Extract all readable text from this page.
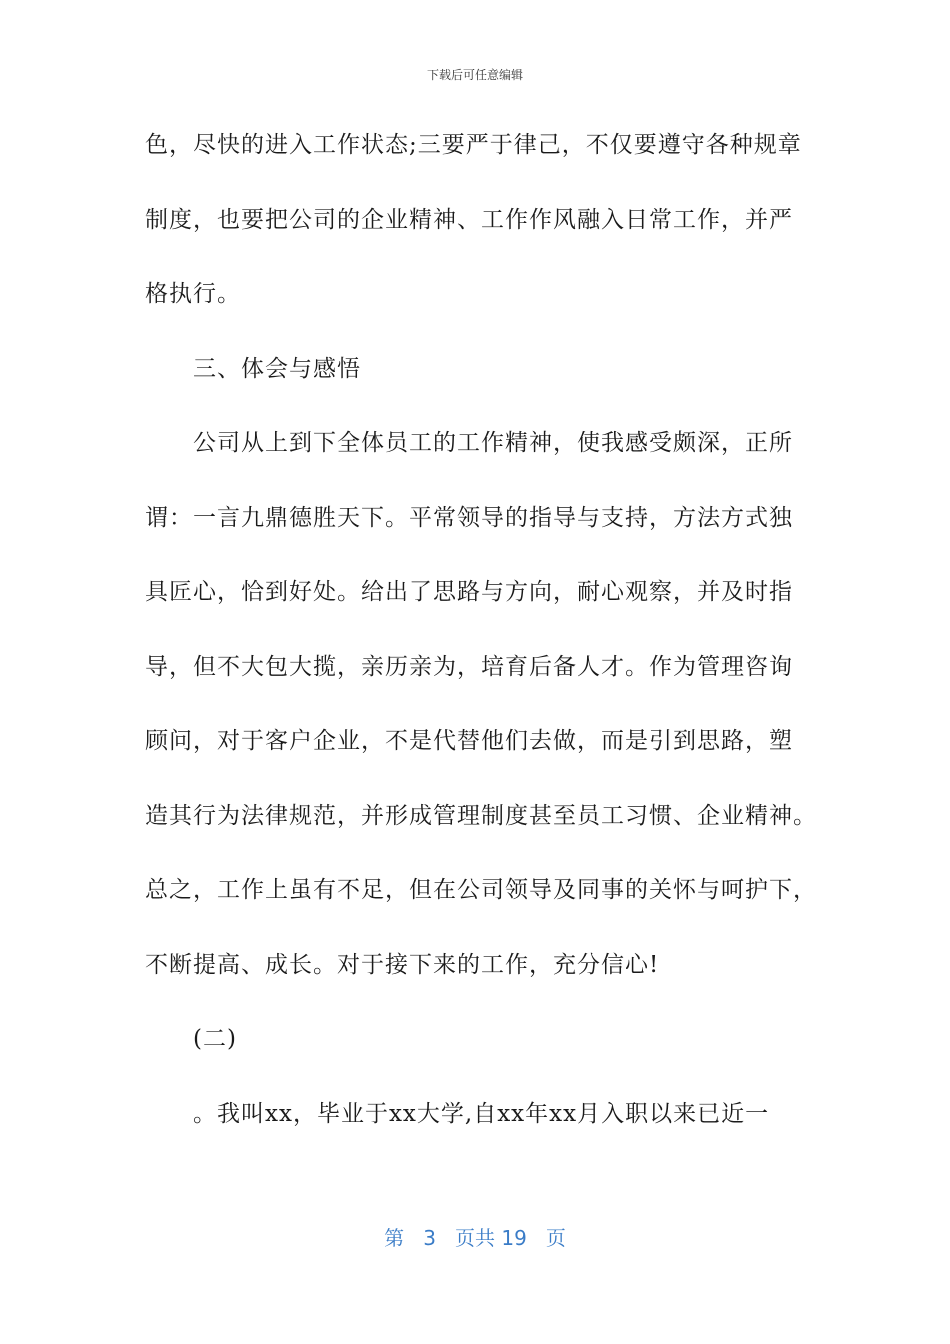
下载后可任意编辑
色，尽快的进入工作状态;三要严于律己，不仅要遵守各种规章
制度，也要把公司的企业精神、工作作风融入日常工作，并严
格执行。
三、体会与感悟
公司从上到下全体员工的工作精神，使我感受颇深，正所
谓：一言九鼎德胜天下。平常领导的指导与支持，方法方式独
具匠心，恰到好处。给出了思路与方向，耐心观察，并及时指
导，但不大包大揽，亲历亲为，培育后备人才。作为管理咨询
顾问，对于客户企业，不是代替他们去做，而是引到思路，塑
造其行为法律规范，并形成管理制度甚至员工习惯、企业精神。
总之，工作上虽有不足，但在公司领导及同事的关怀与呵护下，
不断提高、成长。对于接下来的工作，充分信心!
(二)
。我叫xx，毕业于xx大学,自xx年xx月入职以来已近一
第 3 页共 19 页
